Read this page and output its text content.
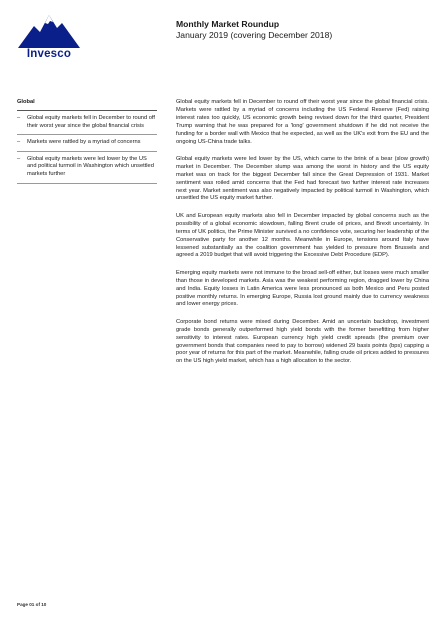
Invesco
Monthly Market Roundup
January 2019 (covering December 2018)
Global
– Global equity markets fell in December to round off their worst year since the global financial crisis
– Markets were rattled by a myriad of concerns
– Global equity markets were led lower by the US and political turmoil in Washington which unsettled markets further

Global equity markets fell in December to round off their worst year since the global financial crisis. Markets were rattled by a myriad of concerns including the US Federal Reserve (Fed) raising interest rates too quickly, US economic growth being revised down for the third quarter, President Trump warning that he was prepared for a 'long' government shutdown if he did not receive the funding for a border wall with Mexico that he expected, as well as the UK's exit from the EU and the ongoing US-China trade talks.

Global equity markets were led lower by the US, which came to the brink of a bear (slow growth) market in December. The December slump was among the worst in history and the US equity market was on track for the biggest December fall since the Great Depression of 1931. Market sentiment was roiled amid concerns that the Fed had forecast two further interest rate increases next year. Market sentiment was also negatively impacted by political turmoil in Washington, which unsettled the US equity market further.

UK and European equity markets also fell in December impacted by global concerns such as the possibility of a global economic slowdown, falling Brent crude oil prices, and Brexit uncertainty. In terms of UK politics, the Prime Minister survived a no confidence vote, securing her leadership of the Conservative party for another 12 months. Meanwhile in Europe, tensions around Italy have lessened substantially as the coalition government has yielded to pressure from Brussels and agreed a 2019 budget that will avoid triggering the Excessive Debt Procedure (EDP).

Emerging equity markets were not immune to the broad sell-off either, but losses were much smaller than those in developed markets. Asia was the weakest performing region, dragged lower by China and India. Equity losses in Latin America were less pronounced as both Mexico and Peru posted positive monthly returns. In emerging Europe, Russia lost ground mainly due to currency weakness and lower energy prices.

Corporate bond returns were mixed during December. Amid an uncertain backdrop, investment grade bonds generally outperformed high yield bonds with the former benefitting from higher sensitivity to interest rates. European currency high yield credit spreads (the premium over government bonds that companies need to pay to borrow) widened 29 basis points (bps) capping a poor year of returns for this part of the market. Meanwhile, falling crude oil prices added to pressures on the US high yield market, which has a high allocation to the sector.

Page 01 of 10
